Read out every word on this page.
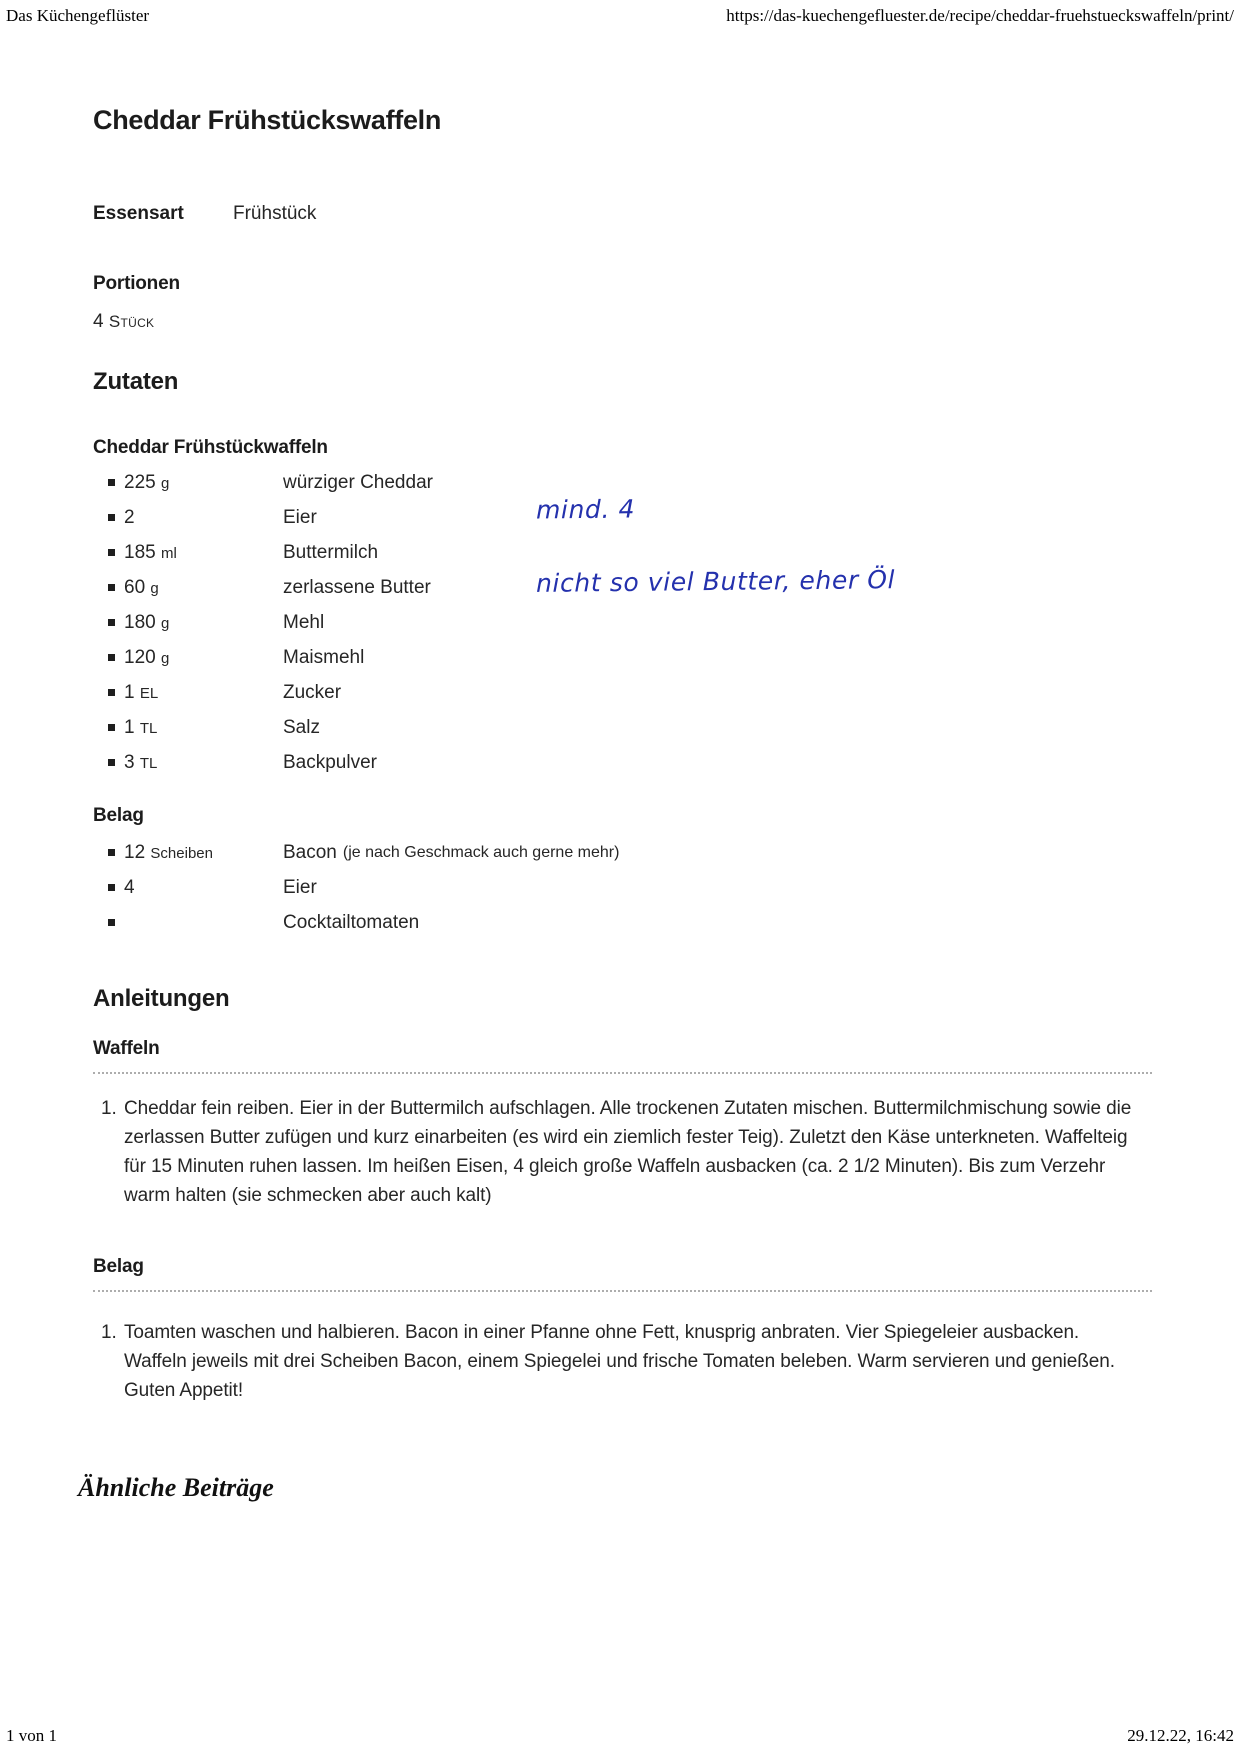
Das Küchengeflüster	https://das-kuechengefluester.de/recipe/cheddar-fruehstueckswaffeln/print/
Cheddar Frühstückswaffeln
Essensart	Frühstück
Portionen

4 Stück

Zutaten
Cheddar Frühstückwaffeln
225 g	würziger Cheddar
2	Eier
185 ml	Buttermilch
60 g	zerlassene Butter
180 g	Mehl
120 g	Maismehl
1 EL	Zucker
1 TL	Salz
3 TL	Backpulver
mind. 4
nicht so viel Butter, eher Öl
Belag
12 Scheiben	Bacon (je nach Geschmack auch gerne mehr)
4	Eier
Cocktailtomaten
Anleitungen
Waffeln
1. Cheddar fein reiben. Eier in der Buttermilch aufschlagen. Alle trockenen Zutaten mischen. Buttermilchmischung sowie die zerlassen Butter zufügen und kurz einarbeiten (es wird ein ziemlich fester Teig). Zuletzt den Käse unterkneten. Waffelteig für 15 Minuten ruhen lassen. Im heißen Eisen, 4 gleich große Waffeln ausbacken (ca. 2 1/2 Minuten). Bis zum Verzehr warm halten (sie schmecken aber auch kalt)
Belag
1. Toamten waschen und halbieren. Bacon in einer Pfanne ohne Fett, knusprig anbraten. Vier Spiegeleier ausbacken. Waffeln jeweils mit drei Scheiben Bacon, einem Spiegelei und frische Tomaten beleben. Warm servieren und genießen. Guten Appetit!
Ähnliche Beiträge
1 von 1	29.12.22, 16:42
